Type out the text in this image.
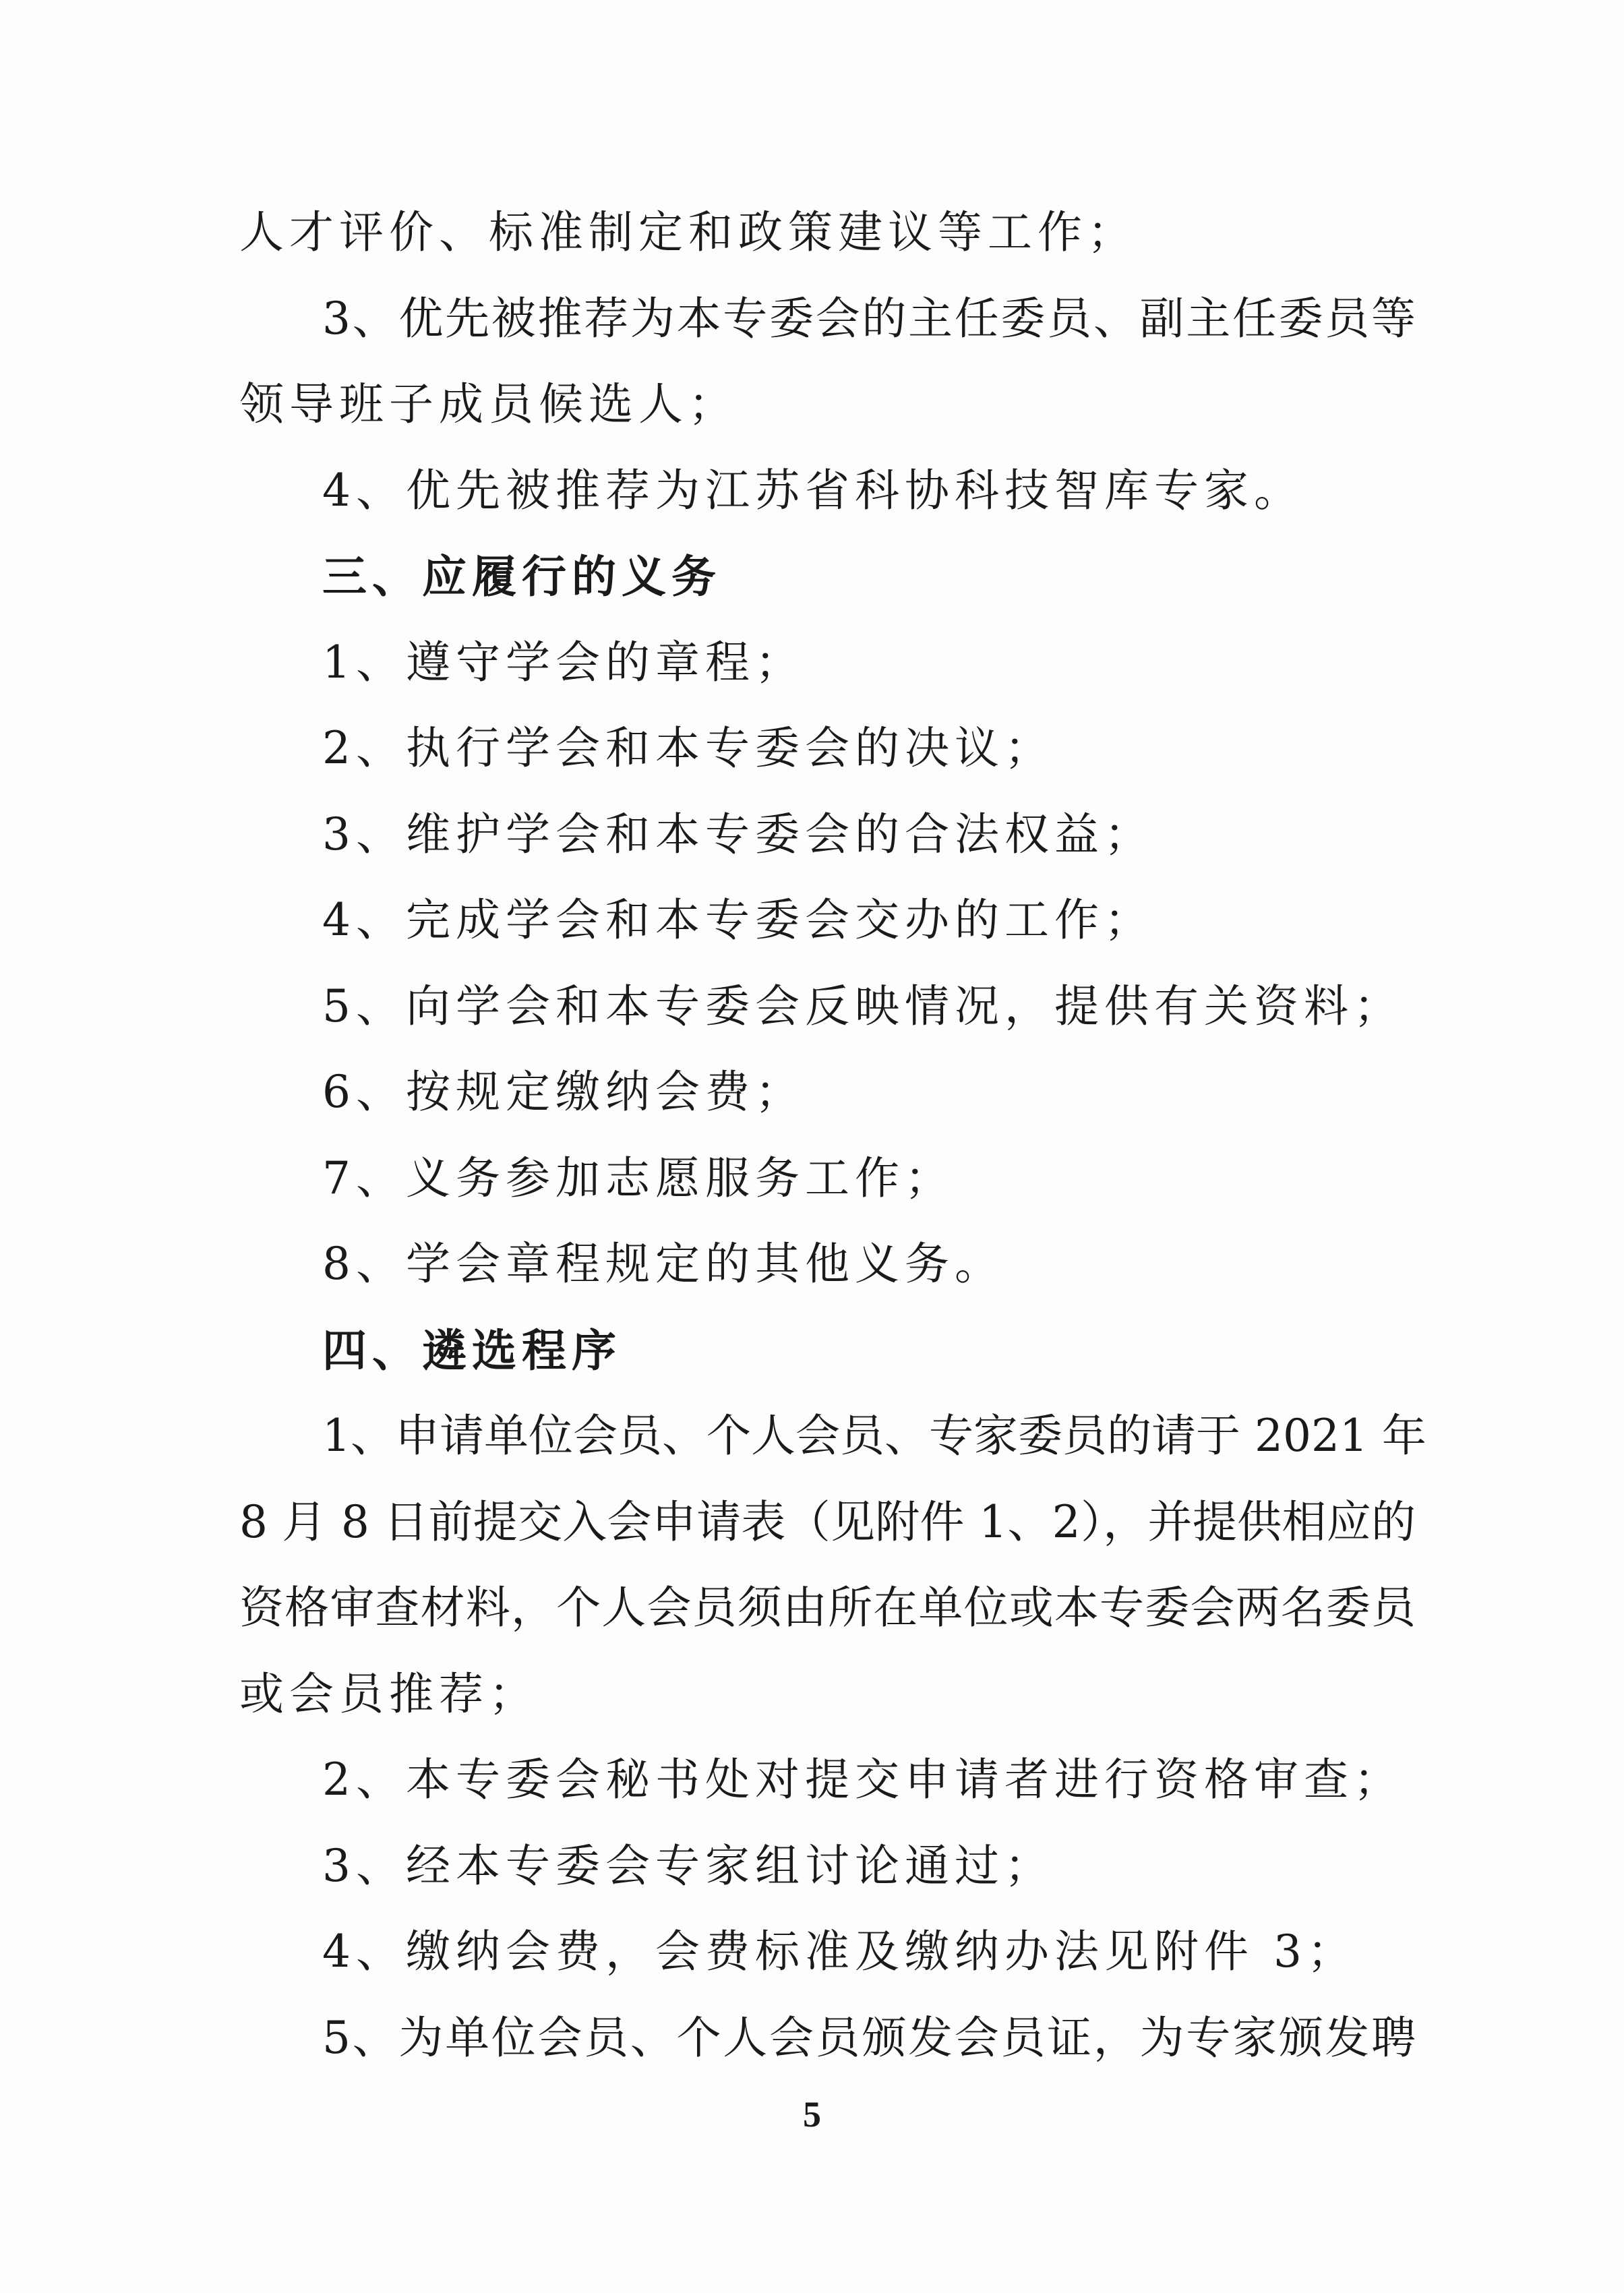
人才评价、标准制定和政策建议等工作；
3、优先被推荐为本专委会的主任委员、副主任委员等
领导班子成员候选人；
4、优先被推荐为江苏省科协科技智库专家。
三、应履行的义务
1、遵守学会的章程；
2、执行学会和本专委会的决议；
3、维护学会和本专委会的合法权益；
4、完成学会和本专委会交办的工作；
5、向学会和本专委会反映情况，提供有关资料；
6、按规定缴纳会费；
7、义务参加志愿服务工作；
8、学会章程规定的其他义务。
四、遴选程序
1、申请单位会员、个人会员、专家委员的请于 2021 年
8 月 8 日前提交入会申请表（见附件 1、2），并提供相应的
资格审查材料，个人会员须由所在单位或本专委会两名委员
或会员推荐；
2、本专委会秘书处对提交申请者进行资格审查；
3、经本专委会专家组讨论通过；
4、缴纳会费，会费标准及缴纳办法见附件 3；
5、为单位会员、个人会员颁发会员证，为专家颁发聘
5
